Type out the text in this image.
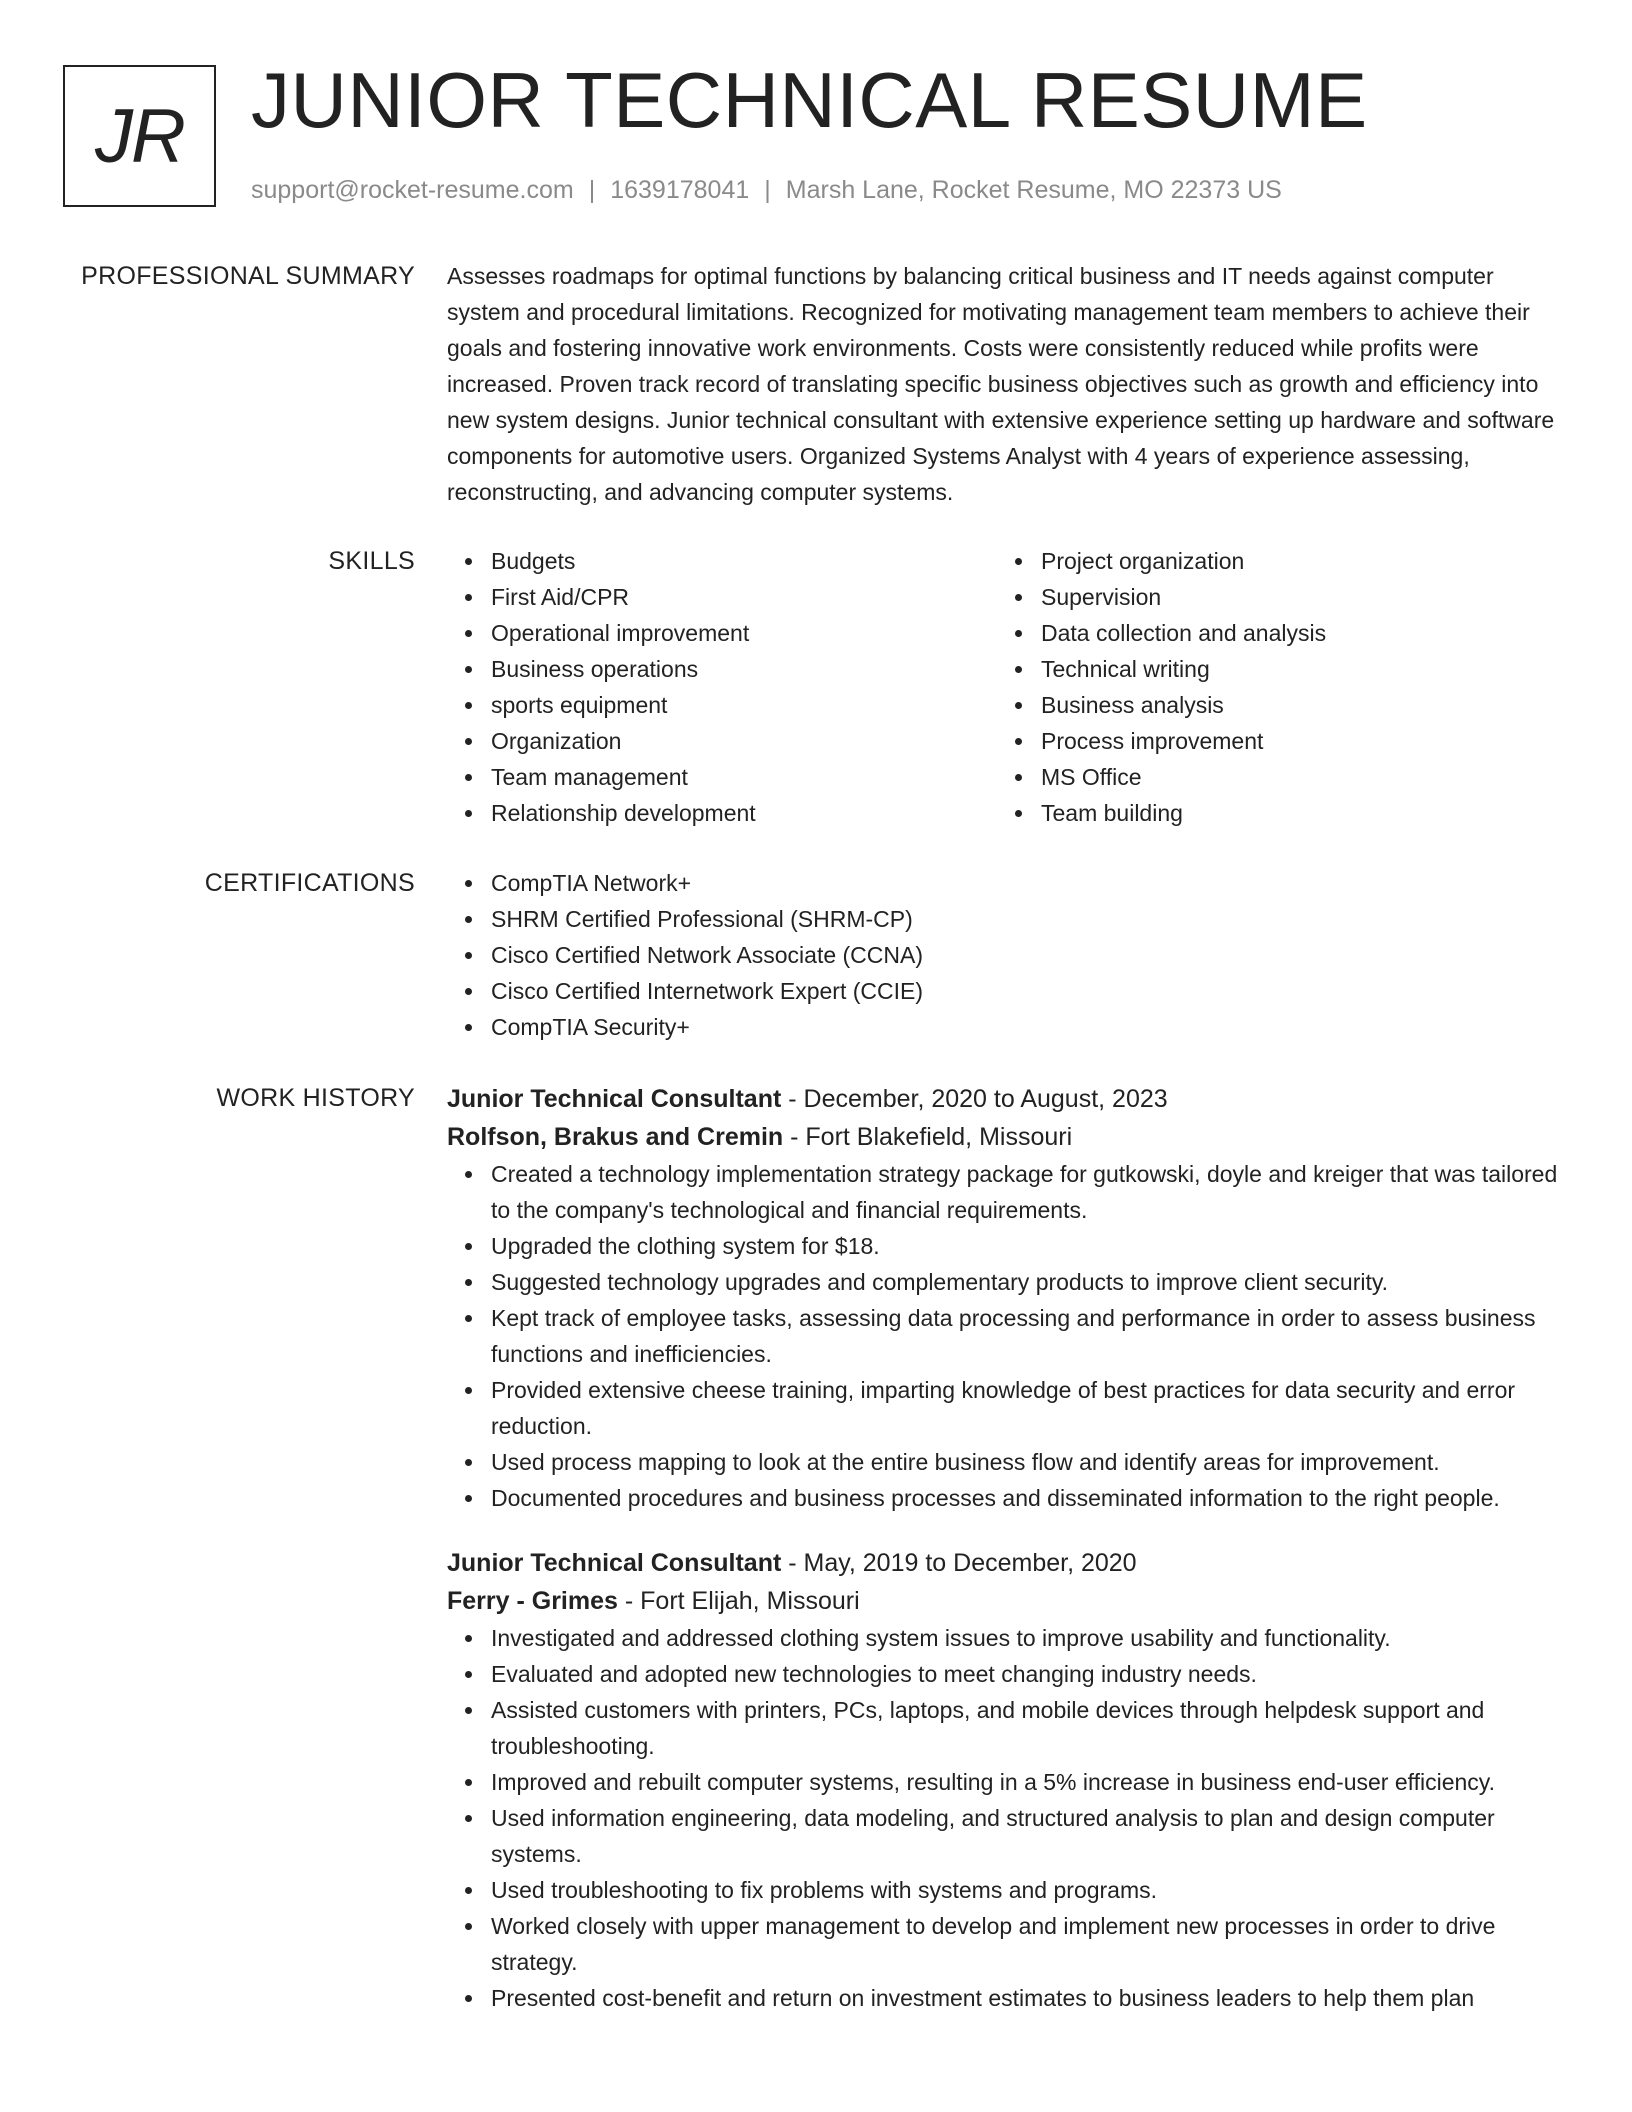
JR JUNIOR TECHNICAL RESUME
support@rocket-resume.com | 1639178041 | Marsh Lane, Rocket Resume, MO 22373 US
PROFESSIONAL SUMMARY Assesses roadmaps for optimal functions by balancing critical business and IT needs against computer system and procedural limitations. Recognized for motivating management team members to achieve their goals and fostering innovative work environments. Costs were consistently reduced while profits were increased. Proven track record of translating specific business objectives such as growth and efficiency into new system designs. Junior technical consultant with extensive experience setting up hardware and software components for automotive users. Organized Systems Analyst with 4 years of experience assessing, reconstructing, and advancing computer systems.

SKILLS	Budgets
First Aid/CPR
Operational improvement
Business operations
sports equipment
Organization
Team management
Relationship development
Project organization
Supervision
Data collection and analysis
Technical writing
Business analysis
Process improvement
MS Office
Team building
CERTIFICATIONS	CompTIA Network+
SHRM Certified Professional (SHRM-CP)
Cisco Certified Network Associate (CCNA)
Cisco Certified Internetwork Expert (CCIE)
CompTIA Security+
WORK HISTORY Junior Technical Consultant - December, 2020 to August, 2023
Rolfson, Brakus and Cremin - Fort Blakefield, Missouri
Created a technology implementation strategy package for gutkowski, doyle and kreiger that was tailored to the company's technological and financial requirements.
Upgraded the clothing system for $18.
Suggested technology upgrades and complementary products to improve client security.
Kept track of employee tasks, assessing data processing and performance in order to assess business functions and inefficiencies.
Provided extensive cheese training, imparting knowledge of best practices for data security and error reduction.
Used process mapping to look at the entire business flow and identify areas for improvement.
Documented procedures and business processes and disseminated information to the right people.
Junior Technical Consultant - May, 2019 to December, 2020
Ferry - Grimes - Fort Elijah, Missouri
Investigated and addressed clothing system issues to improve usability and functionality.
Evaluated and adopted new technologies to meet changing industry needs.
Assisted customers with printers, PCs, laptops, and mobile devices through helpdesk support and troubleshooting.
Improved and rebuilt computer systems, resulting in a 5% increase in business end-user efficiency.
Used information engineering, data modeling, and structured analysis to plan and design computer systems.
Used troubleshooting to fix problems with systems and programs.
Worked closely with upper management to develop and implement new processes in order to drive strategy.
Presented cost-benefit and return on investment estimates to business leaders to help them plan
